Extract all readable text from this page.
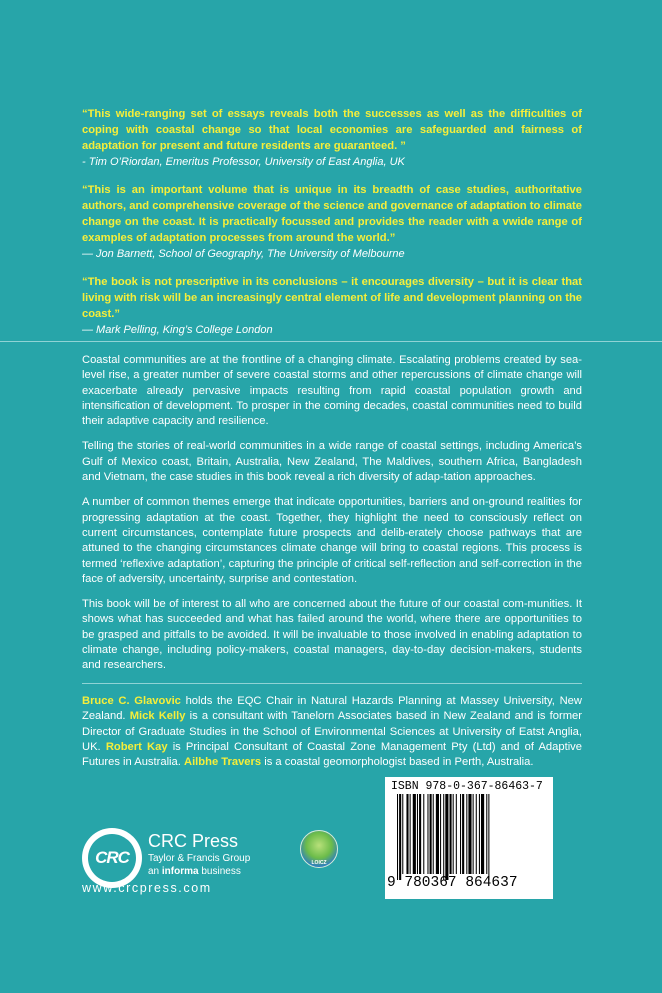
“This wide-ranging set of essays reveals both the successes as well as the difficulties of coping with coastal change so that local economies are safeguarded and fairness of adaptation for present and future residents are guaranteed. ”

- Tim O’Riordan, Emeritus Professor, University of East Anglia, UK

“This is an important volume that is unique in its breadth of case studies, authoritative authors, and comprehensive coverage of the science and governance of adaptation to climate change on the coast. It is practically focussed and provides the reader with a vwide range of examples of adaptation processes from around the world.”

— Jon Barnett, School of Geography, The University of Melbourne

“The book is not prescriptive in its conclusions – it encourages diversity – but it is clear that living with risk will be an increasingly central element of life and development planning on the coast.”

— Mark Pelling, King’s College London

Coastal communities are at the frontline of a changing climate. Escalating problems created by sea-level rise, a greater number of severe coastal storms and other repercussions of climate change will exacerbate already pervasive impacts resulting from rapid coastal population growth and intensification of development. To prosper in the coming decades, coastal communities need to build their adaptive capacity and resilience.

Telling the stories of real-world communities in a wide range of coastal settings, including America’s Gulf of Mexico coast, Britain, Australia, New Zealand, The Maldives, southern Africa, Bangladesh and Vietnam, the case studies in this book reveal a rich diversity of adap-tation approaches.

A number of common themes emerge that indicate opportunities, barriers and on-ground realities for progressing adaptation at the coast. Together, they highlight the need to consciously reflect on current circumstances, contemplate future prospects and delib-erately choose pathways that are attuned to the changing circumstances climate change will bring to coastal regions. This process is termed ‘reflexive adaptation’, capturing the principle of critical self-reflection and self-correction in the face of adversity, uncertainty, surprise and contestation.

This book will be of interest to all who are concerned about the future of our coastal com-munities. It shows what has succeeded and what has failed around the world, where there are opportunities to be grasped and pitfalls to be avoided. It will be invaluable to those involved in enabling adaptation to climate change, including policy-makers, coastal managers, day-to-day decision-makers, students and researchers.

Bruce C. Glavovic holds the EQC Chair in Natural Hazards Planning at Massey University, New Zealand. Mick Kelly is a consultant with Tanelorn Associates based in New Zealand and is former Director of Graduate Studies in the School of Environmental Sciences at University of Eatst Anglia, UK. Robert Kay is Principal Consultant of Coastal Zone Management Pty (Ltd) and of Adaptive Futures in Australia. Ailbhe Travers is a coastal geomorphologist based in Perth, Australia.

CRC
CRC Press
Taylor & Francis Group
an informa business
www.crcpress.com
LOICZ
ISBN 978-0-367-86463-7
9 780367 864637
